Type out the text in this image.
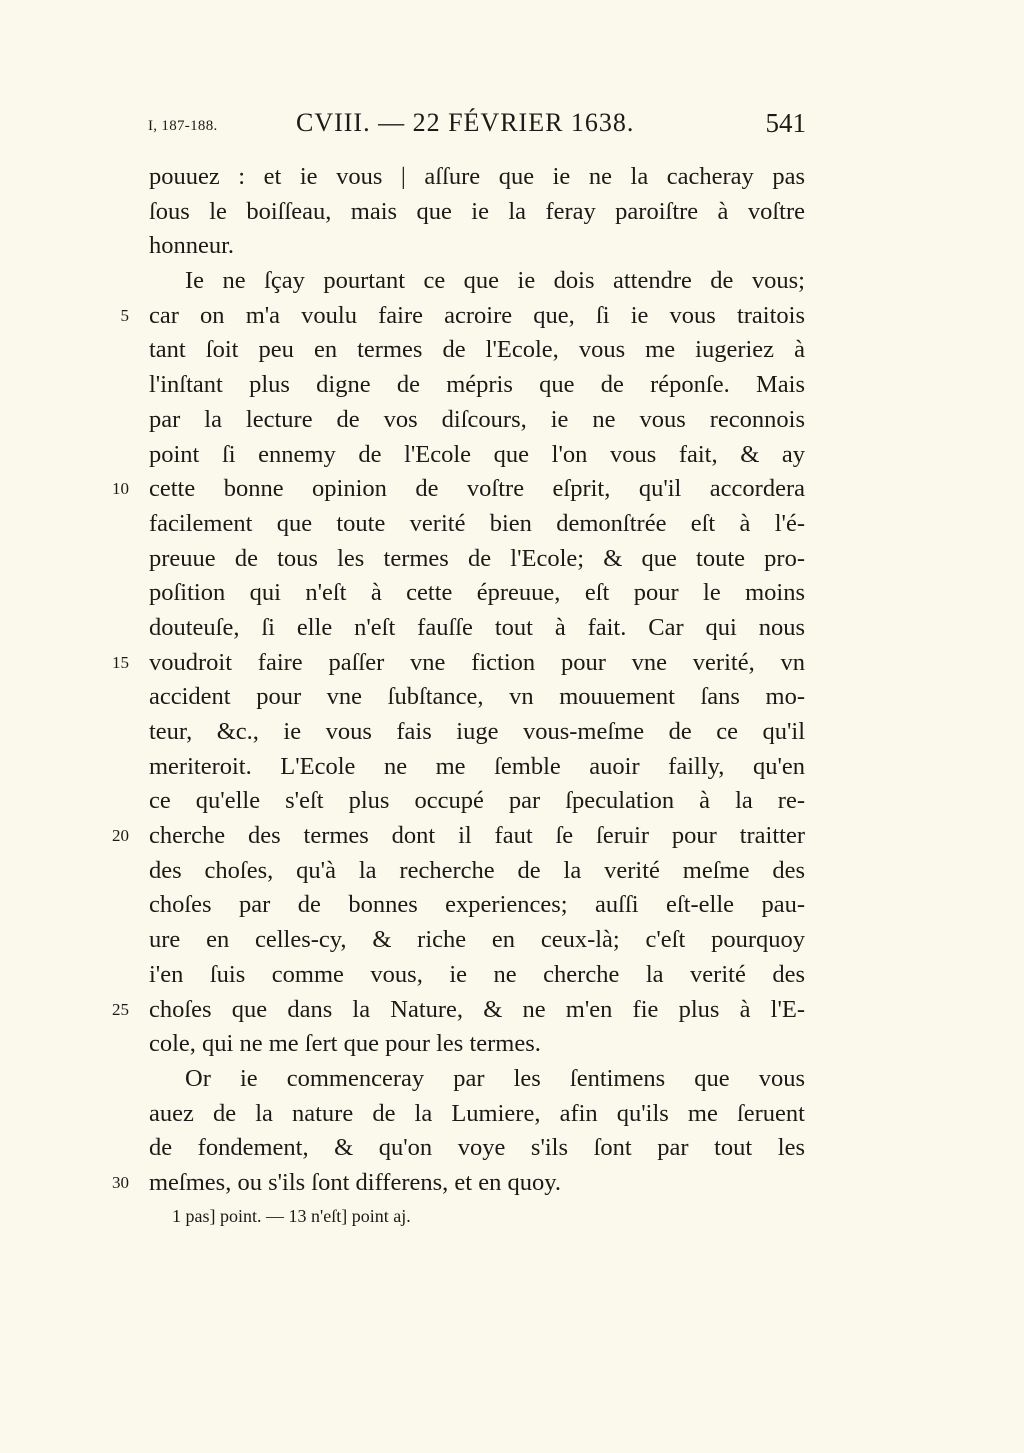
I, 187-188.	CVIII. — 22 FÉVRIER 1638.	541
pouuez : et ie vous | aſſure que ie ne la cacheray pas
ſous le boiſſeau, mais que ie la feray paroiſtre à voſtre
honneur.
Ie ne ſçay pourtant ce que ie dois attendre de vous;
5 car on m'a voulu faire acroire que, ſi ie vous traitois
tant ſoit peu en termes de l'Ecole, vous me iugeriez à
l'inſtant plus digne de mépris que de réponſe. Mais
par la lecture de vos diſcours, ie ne vous reconnois
point ſi ennemy de l'Ecole que l'on vous fait, & ay
10 cette bonne opinion de voſtre eſprit, qu'il accordera
facilement que toute verité bien demonſtrée eſt à l'é-
preuue de tous les termes de l'Ecole; & que toute pro-
poſition qui n'eſt à cette épreuue, eſt pour le moins
douteuſe, ſi elle n'eſt fauſſe tout à fait. Car qui nous
15 voudroit faire paſſer vne fiction pour vne verité, vn
accident pour vne ſubſtance, vn mouuement ſans mo-
teur, &c., ie vous fais iuge vous-meſme de ce qu'il
meriteroit. L'Ecole ne me ſemble auoir failly, qu'en
ce qu'elle s'eſt plus occupé par ſpeculation à la re-
20 cherche des termes dont il faut ſe ſeruir pour traitter
des choſes, qu'à la recherche de la verité meſme des
choſes par de bonnes experiences; auſſi eſt-elle pau-
ure en celles-cy, & riche en ceux-là; c'eſt pourquoy
i'en ſuis comme vous, ie ne cherche la verité des
25 choſes que dans la Nature, & ne m'en fie plus à l'E-
cole, qui ne me ſert que pour les termes.
Or ie commenceray par les ſentimens que vous
auez de la nature de la Lumiere, afin qu'ils me ſeruent
de fondement, & qu'on voye s'ils ſont par tout les
30 meſmes, ou s'ils ſont differens, et en quoy.
1 pas] point. — 13 n'eſt] point aj.
